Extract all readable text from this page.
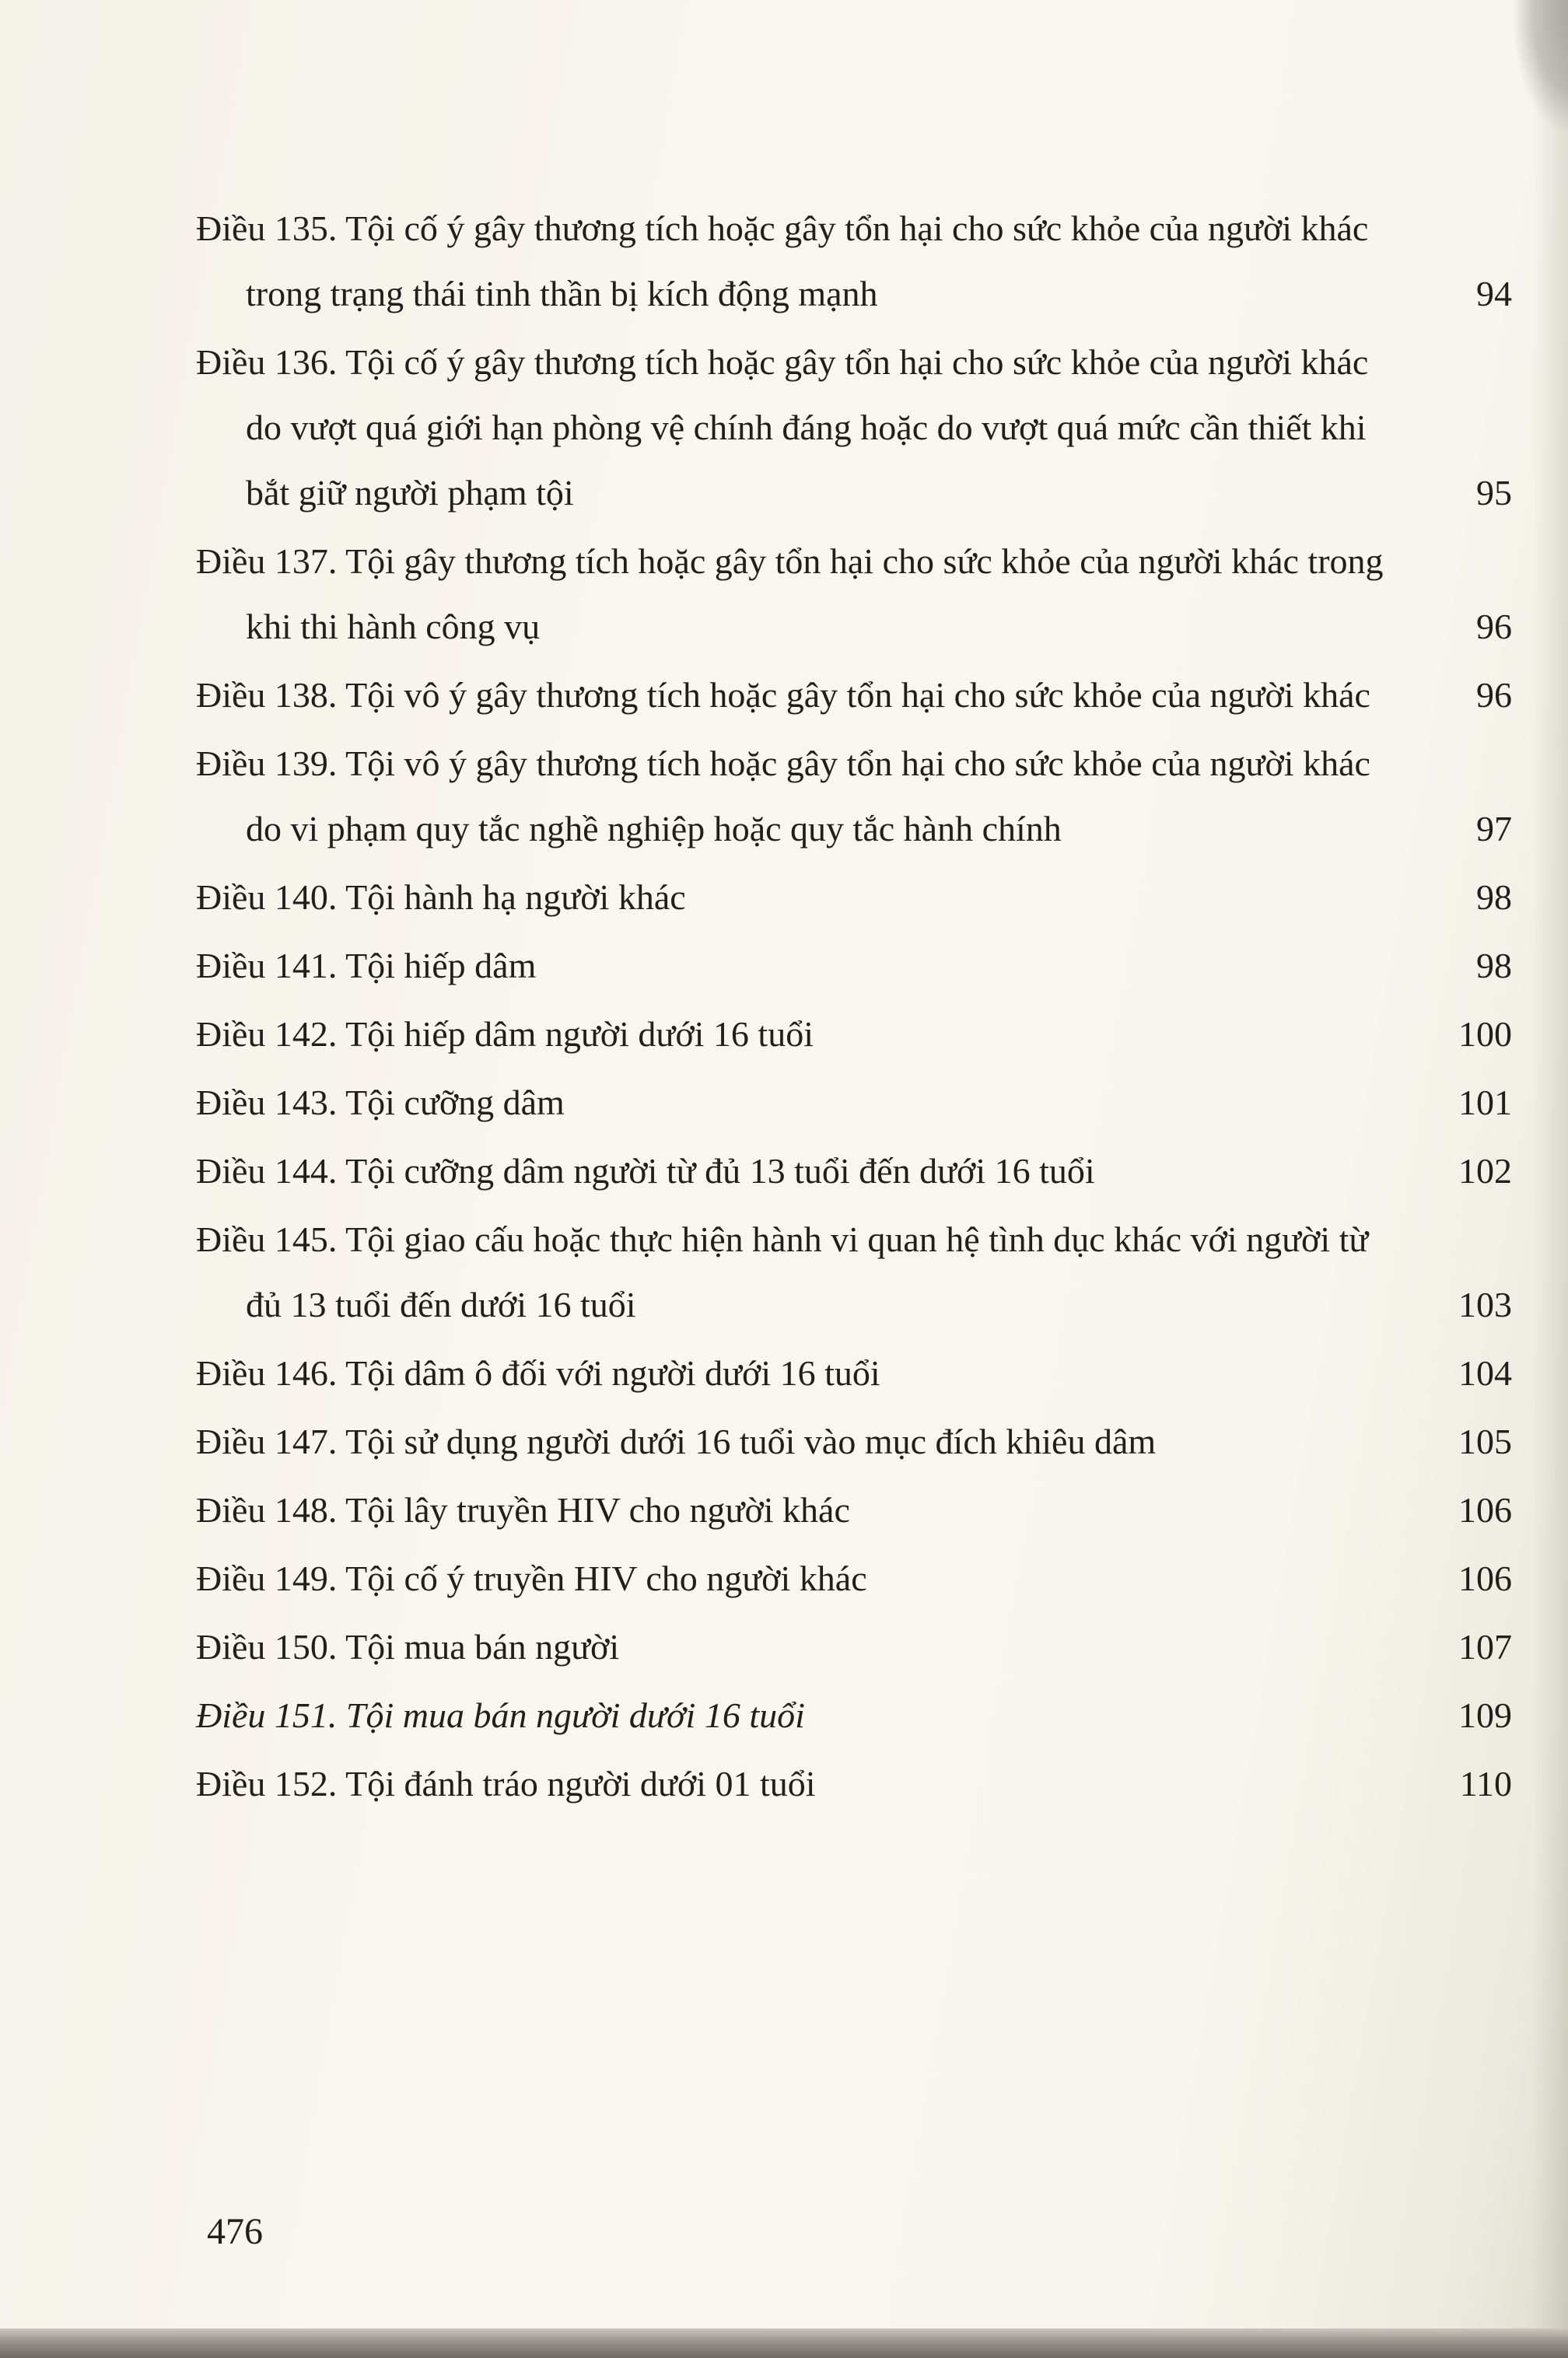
Điều 135. Tội cố ý gây thương tích hoặc gây tổn hại cho sức khỏe của người khác trong trạng thái tinh thần bị kích động mạnh	94
Điều 136. Tội cố ý gây thương tích hoặc gây tổn hại cho sức khỏe của người khác do vượt quá giới hạn phòng vệ chính đáng hoặc do vượt quá mức cần thiết khi bắt giữ người phạm tội	95
Điều 137. Tội gây thương tích hoặc gây tổn hại cho sức khỏe của người khác trong khi thi hành công vụ	96
Điều 138. Tội vô ý gây thương tích hoặc gây tổn hại cho sức khỏe của người khác	96
Điều 139. Tội vô ý gây thương tích hoặc gây tổn hại cho sức khỏe của người khác do vi phạm quy tắc nghề nghiệp hoặc quy tắc hành chính	97
Điều 140. Tội hành hạ người khác	98
Điều 141. Tội hiếp dâm	98
Điều 142. Tội hiếp dâm người dưới 16 tuổi	100
Điều 143. Tội cưỡng dâm	101
Điều 144. Tội cưỡng dâm người từ đủ 13 tuổi đến dưới 16 tuổi	102
Điều 145. Tội giao cấu hoặc thực hiện hành vi quan hệ tình dục khác với người từ đủ 13 tuổi đến dưới 16 tuổi	103
Điều 146. Tội dâm ô đối với người dưới 16 tuổi	104
Điều 147. Tội sử dụng người dưới 16 tuổi vào mục đích khiêu dâm	105
Điều 148. Tội lây truyền HIV cho người khác	106
Điều 149. Tội cố ý truyền HIV cho người khác	106
Điều 150. Tội mua bán người	107
Điều 151. Tội mua bán người dưới 16 tuổi	109
Điều 152. Tội đánh tráo người dưới 01 tuổi	110
476
